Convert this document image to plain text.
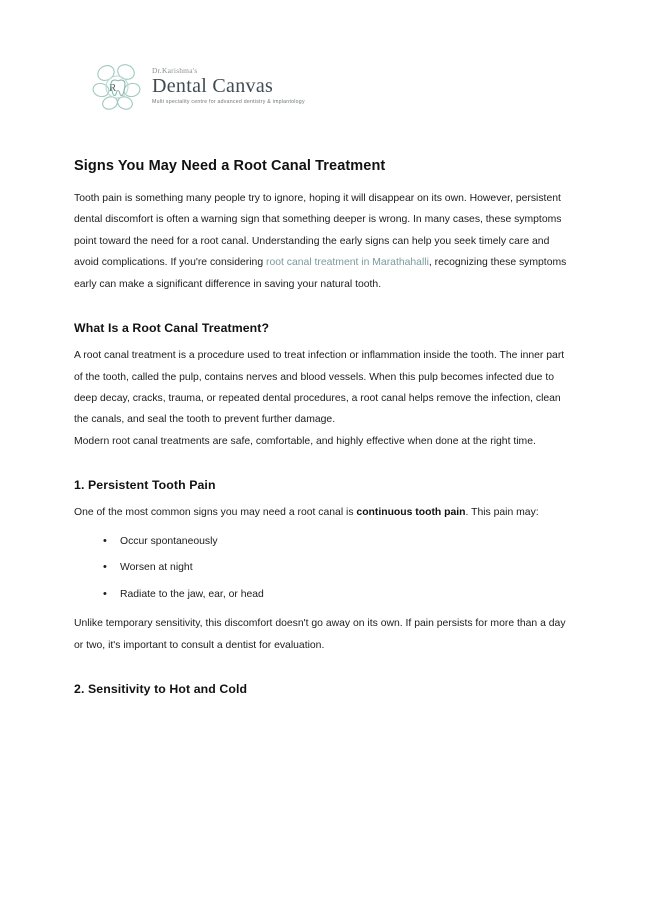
R
Dr.Karishma's
Dental Canvas
Multi speciality centre for advanced dentistry & implantology
Signs You May Need a Root Canal Treatment

Tooth pain is something many people try to ignore, hoping it will disappear on its own. However, persistent dental discomfort is often a warning sign that something deeper is wrong. In many cases, these symptoms point toward the need for a root canal. Understanding the early signs can help you seek timely care and avoid complications. If you're considering root canal treatment in Marathahalli, recognizing these symptoms early can make a significant difference in saving your natural tooth.

What Is a Root Canal Treatment?

A root canal treatment is a procedure used to treat infection or inflammation inside the tooth. The inner part of the tooth, called the pulp, contains nerves and blood vessels. When this pulp becomes infected due to deep decay, cracks, trauma, or repeated dental procedures, a root canal helps remove the infection, clean the canals, and seal the tooth to prevent further damage.

Modern root canal treatments are safe, comfortable, and highly effective when done at the right time.

1. Persistent Tooth Pain

One of the most common signs you may need a root canal is continuous tooth pain. This pain may:

• Occur spontaneously
• Worsen at night
• Radiate to the jaw, ear, or head

Unlike temporary sensitivity, this discomfort doesn't go away on its own. If pain persists for more than a day or two, it's important to consult a dentist for evaluation.

2. Sensitivity to Hot and Cold
